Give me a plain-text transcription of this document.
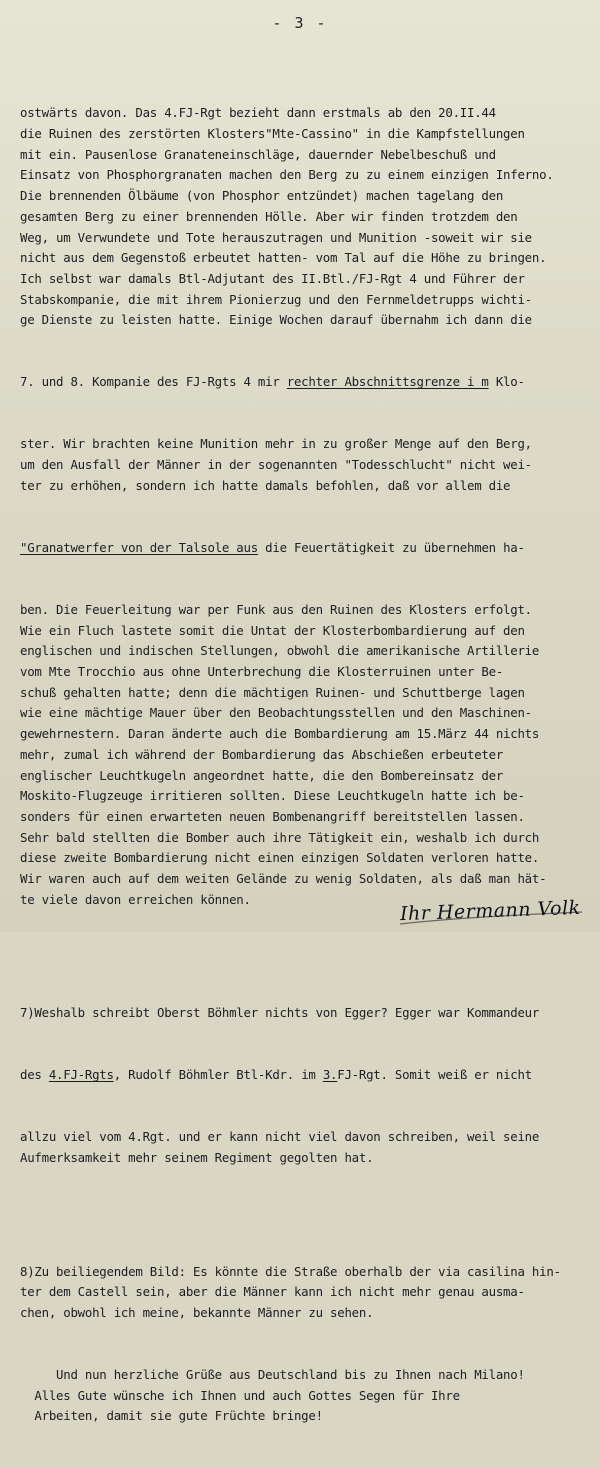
- 3 -

ostwärts davon. Das 4.FJ-Rgt bezieht dann erstmals ab den 20.II.44
die Ruinen des zerstörten Klosters"Mte-Cassino" in die Kampfstellungen
mit ein. Pausenlose Granateneinschläge, dauernder Nebelbeschuß und
Einsatz von Phosphorgranaten machen den Berg zu zu einem einzigen Inferno.
Die brennenden Ölbäume (von Phosphor entzündet) machen tagelang den
gesamten Berg zu einer brennenden Hölle. Aber wir finden trotzdem den
Weg, um Verwundete und Tote herauszutragen und Munition -soweit wir sie
nicht aus dem Gegenstoß erbeutet hatten- vom Tal auf die Höhe zu bringen.
Ich selbst war damals Btl-Adjutant des II.Btl./FJ-Rgt 4 und Führer der
Stabskompanie, die mit ihrem Pionierzug und den Fernmeldetrupps wichti-
ge Dienste zu leisten hatte. Einige Wochen darauf übernahm ich dann die

7. und 8. Kompanie des FJ-Rgts 4 mir rechter Abschnittsgrenze i m Klo-

ster. Wir brachten keine Munition mehr in zu großer Menge auf den Berg,
um den Ausfall der Männer in der sogenannten "Todesschlucht" nicht wei-
ter zu erhöhen, sondern ich hatte damals befohlen, daß vor allem die

"Granatwerfer von der Talsole aus die Feuertätigkeit zu übernehmen ha-

ben. Die Feuerleitung war per Funk aus den Ruinen des Klosters erfolgt.
Wie ein Fluch lastete somit die Untat der Klosterbombardierung auf den
englischen und indischen Stellungen, obwohl die amerikanische Artillerie
vom Mte Trocchio aus ohne Unterbrechung die Klosterruinen unter Be-
schuß gehalten hatte; denn die mächtigen Ruinen- und Schuttberge lagen
wie eine mächtige Mauer über den Beobachtungsstellen und den Maschinen-
gewehrnestern. Daran änderte auch die Bombardierung am 15.März 44 nichts
mehr, zumal ich während der Bombardierung das Abschießen erbeuteter
englischer Leuchtkugeln angeordnet hatte, die den Bombereinsatz der
Moskito-Flugzeuge irritieren sollten. Diese Leuchtkugeln hatte ich be-
sonders für einen erwarteten neuen Bombenangriff bereitstellen lassen.
Sehr bald stellten die Bomber auch ihre Tätigkeit ein, weshalb ich durch
diese zweite Bombardierung nicht einen einzigen Soldaten verloren hatte.
Wir waren auch auf dem weiten Gelände zu wenig Soldaten, als daß man hät-
te viele davon erreichen können.

7)Weshalb schreibt Oberst Böhmler nichts von Egger? Egger war Kommandeur

des 4.FJ-Rgts, Rudolf Böhmler Btl-Kdr. im 3.FJ-Rgt. Somit weiß er nicht

allzu viel vom 4.Rgt. und er kann nicht viel davon schreiben, weil seine
Aufmerksamkeit mehr seinem Regiment gegolten hat.

8)Zu beiliegendem Bild: Es könnte die Straße oberhalb der via casilina hin-
ter dem Castell sein, aber die Männer kann ich nicht mehr genau ausma-
chen, obwohl ich meine, bekannte Männer zu sehen.

Und nun herzliche Grüße aus Deutschland bis zu Ihnen nach Milano!
Alles Gute wünsche ich Ihnen und auch Gottes Segen für Ihre
Arbeiten, damit sie gute Früchte bringe!

Ihr Hermann Volk
